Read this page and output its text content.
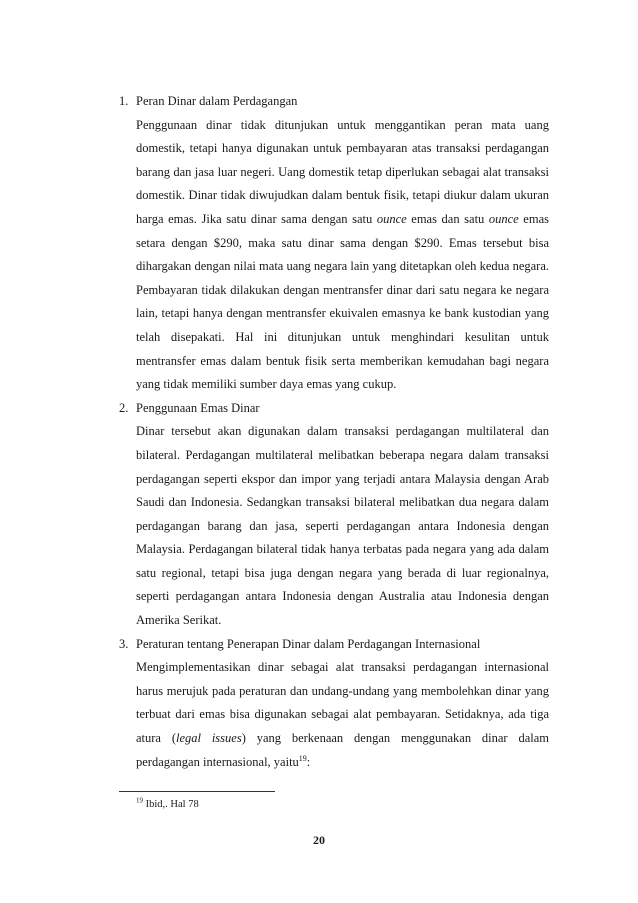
1. Peran Dinar dalam Perdagangan

Penggunaan dinar tidak ditunjukan untuk menggantikan peran mata uang domestik, tetapi hanya digunakan untuk pembayaran atas transaksi perdagangan barang dan jasa luar negeri. Uang domestik tetap diperlukan sebagai alat transaksi domestik. Dinar tidak diwujudkan dalam bentuk fisik, tetapi diukur dalam ukuran harga emas. Jika satu dinar sama dengan satu ounce emas dan satu ounce emas setara dengan $290, maka satu dinar sama dengan $290. Emas tersebut bisa dihargakan dengan nilai mata uang negara lain yang ditetapkan oleh kedua negara. Pembayaran tidak dilakukan dengan mentransfer dinar dari satu negara ke negara lain, tetapi hanya dengan mentransfer ekuivalen emasnya ke bank kustodian yang telah disepakati. Hal ini ditunjukan untuk menghindari kesulitan untuk mentransfer emas dalam bentuk fisik serta memberikan kemudahan bagi negara yang tidak memiliki sumber daya emas yang cukup.

2. Penggunaan Emas Dinar

Dinar tersebut akan digunakan dalam transaksi perdagangan multilateral dan bilateral. Perdagangan multilateral melibatkan beberapa negara dalam transaksi perdagangan seperti ekspor dan impor yang terjadi antara Malaysia dengan Arab Saudi dan Indonesia. Sedangkan transaksi bilateral melibatkan dua negara dalam perdagangan barang dan jasa, seperti perdagangan antara Indonesia dengan Malaysia. Perdagangan bilateral tidak hanya terbatas pada negara yang ada dalam satu regional, tetapi bisa juga dengan negara yang berada di luar regionalnya, seperti perdagangan antara Indonesia dengan Australia atau Indonesia dengan Amerika Serikat.

3. Peraturan tentang Penerapan Dinar dalam Perdagangan Internasional

Mengimplementasikan dinar sebagai alat transaksi perdagangan internasional harus merujuk pada peraturan dan undang-undang yang membolehkan dinar yang terbuat dari emas bisa digunakan sebagai alat pembayaran. Setidaknya, ada tiga atura (legal issues) yang berkenaan dengan menggunakan dinar dalam perdagangan internasional, yaitu$^{19}$:

$^{19}$ Ibid,. Hal 78
20
